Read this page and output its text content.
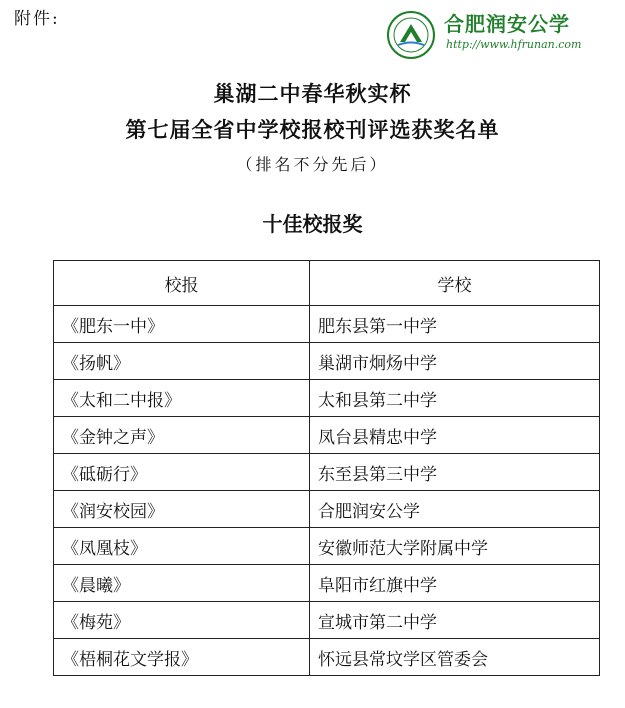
附件:	合肥润安公学
http://www.hfrunan.com
巢湖二中春华秋实杯
第七届全省中学校报校刊评选获奖名单
（排名不分先后）
十佳校报奖
校报	学校
《肥东一中》	肥东县第一中学
《扬帆》	巢湖市炯炀中学
《太和二中报》	太和县第二中学
《金钟之声》	凤台县精忠中学
《砥砺行》	东至县第三中学
《润安校园》	合肥润安公学
《凤凰枝》	安徽师范大学附属中学
《晨曦》	阜阳市红旗中学
《梅苑》	宣城市第二中学
《梧桐花文学报》	怀远县常坟学区管委会
